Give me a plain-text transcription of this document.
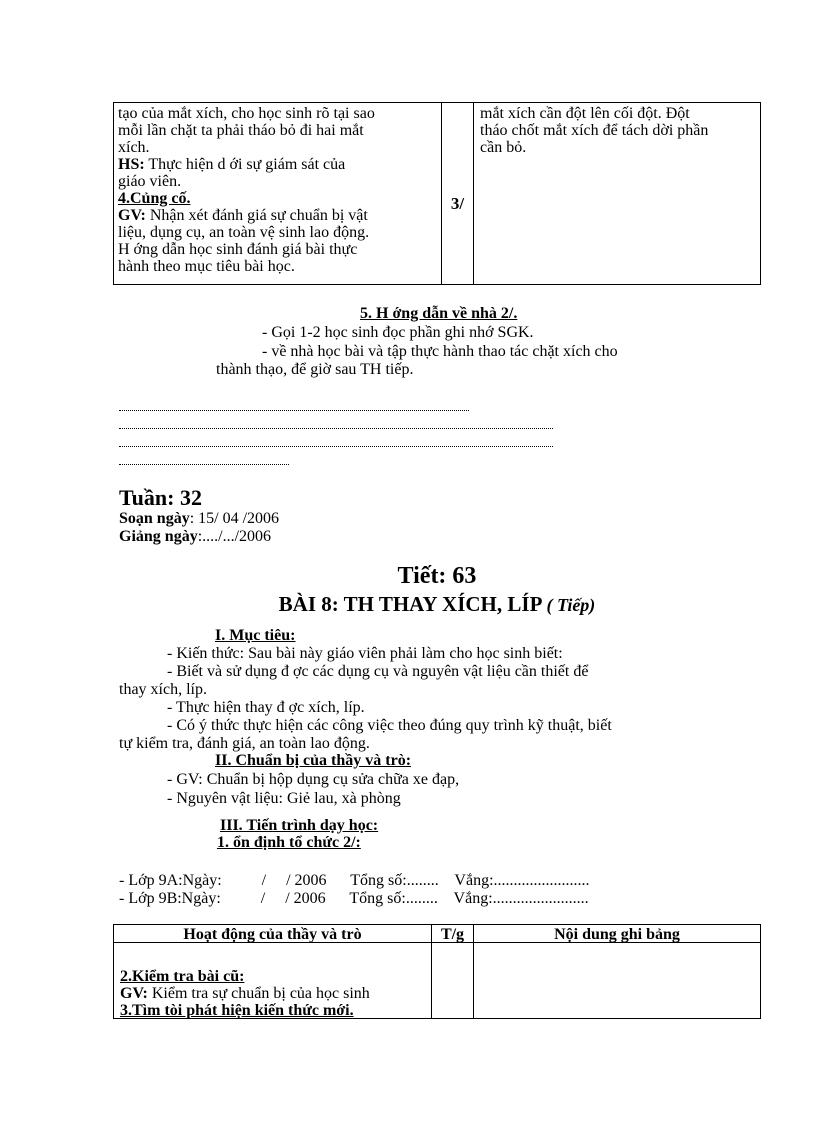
tạo của mắt xích, cho học sinh rõ tại sao
mỗi lần chặt ta phải tháo bỏ đi hai mắt
xích.
HS: Thực hiện d ới sự giám sát của
giáo viên.
4.Củng cố.
GV: Nhận xét đánh giá sự chuẩn bị vật
liệu, dụng cụ, an toàn vệ sinh lao động.
H ớng dẫn học sinh đánh giá bài thực
hành theo mục tiêu bài học.
3/
mắt xích cần đột lên cối đột. Đột
tháo chốt mắt xích để tách dời phần
cần bỏ.
5. H ớng dẫn về nhà 2/.
- Gọi 1-2 học sinh đọc phần ghi nhớ SGK.
- về nhà học bài và tập thực hành thao tác chặt xích cho
thành thạo, để giờ sau TH tiếp.
Tuần: 32
Soạn ngày: 15/ 04 /2006
Giảng ngày:..../.../2006
Tiết: 63
BÀI 8: TH THAY XÍCH, LÍP ( Tiếp)
I. Mục tiêu:
- Kiến thức: Sau bài này giáo viên phải làm cho học sinh biết:
- Biết và sử dụng đ ợc các dụng cụ và nguyên vật liệu cần thiết để
thay xích, líp.
- Thực hiện thay đ ợc xích, líp.
- Có ý thức thực hiện các công việc theo đúng quy trình kỹ thuật, biết
tự kiểm tra, đánh giá, an toàn lao động.
II. Chuẩn bị của thầy và trò:
- GV: Chuẩn bị hộp dụng cụ sửa chữa xe đạp,
- Nguyên vật liệu: Giẻ lau, xà phòng
III. Tiến trình dạy học:
1. ổn định tổ chức 2/:
- Lớp 9A:Ngày:          /     / 2006      Tổng số:........    Vắng:........................
- Lớp 9B:Ngày:          /     / 2006      Tổng số:........    Vắng:........................
Hoạt động của thầy và trò
2.Kiểm tra bài cũ:
GV: Kiểm tra sự chuẩn bị của học sinh
3.Tìm tòi phát hiện kiến thức mới.
T/g	Nội dung ghi bảng
